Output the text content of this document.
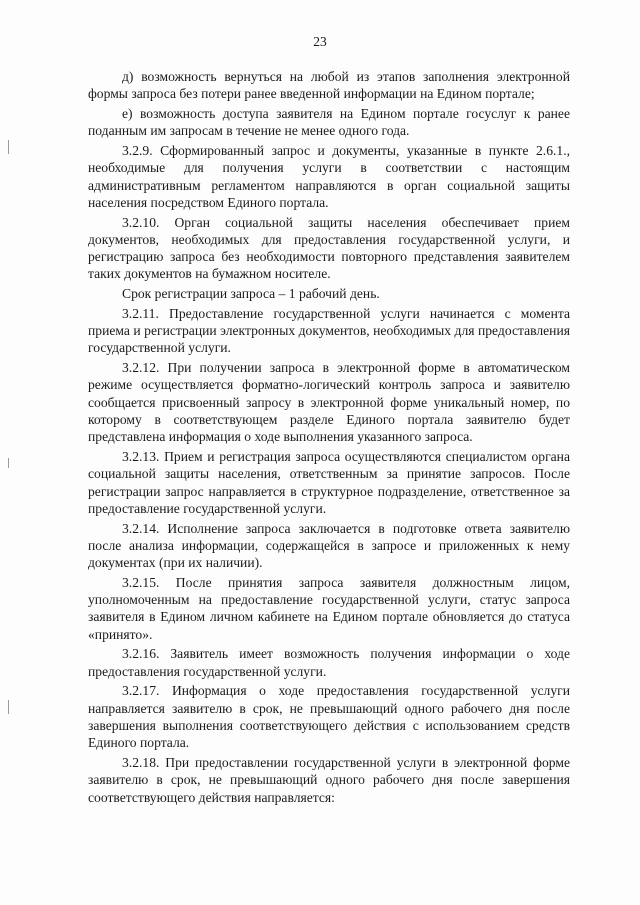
23

д) возможность вернуться на любой из этапов заполнения электронной формы запроса без потери ранее введенной информации на Едином портале;

е) возможность доступа заявителя на Едином портале госуслуг к ранее поданным им запросам в течение не менее одного года.

3.2.9. Сформированный запрос и документы, указанные в пункте 2.6.1., необходимые для получения услуги в соответствии с настоящим административным регламентом направляются в орган социальной защиты населения посредством Единого портала.

3.2.10. Орган социальной защиты населения обеспечивает прием документов, необходимых для предоставления государственной услуги, и регистрацию запроса без необходимости повторного представления заявителем таких документов на бумажном носителе.

Срок регистрации запроса – 1 рабочий день.

3.2.11. Предоставление государственной услуги начинается с момента приема и регистрации электронных документов, необходимых для предоставления государственной услуги.

3.2.12. При получении запроса в электронной форме в автоматическом режиме осуществляется форматно-логический контроль запроса и заявителю сообщается присвоенный запросу в электронной форме уникальный номер, по которому в соответствующем разделе Единого портала заявителю будет представлена информация о ходе выполнения указанного запроса.

3.2.13. Прием и регистрация запроса осуществляются специалистом органа социальной защиты населения, ответственным за принятие запросов. После регистрации запрос направляется в структурное подразделение, ответственное за предоставление государственной услуги.

3.2.14. Исполнение запроса заключается в подготовке ответа заявителю после анализа информации, содержащейся в запросе и приложенных к нему документах (при их наличии).

3.2.15. После принятия запроса заявителя должностным лицом, уполномоченным на предоставление государственной услуги, статус запроса заявителя в Едином личном кабинете на Едином портале обновляется до статуса «принято».

3.2.16. Заявитель имеет возможность получения информации о ходе предоставления государственной услуги.

3.2.17. Информация о ходе предоставления государственной услуги направляется заявителю в срок, не превышающий одного рабочего дня после завершения выполнения соответствующего действия с использованием средств Единого портала.

3.2.18. При предоставлении государственной услуги в электронной форме заявителю в срок, не превышающий одного рабочего дня после завершения соответствующего действия направляется:
